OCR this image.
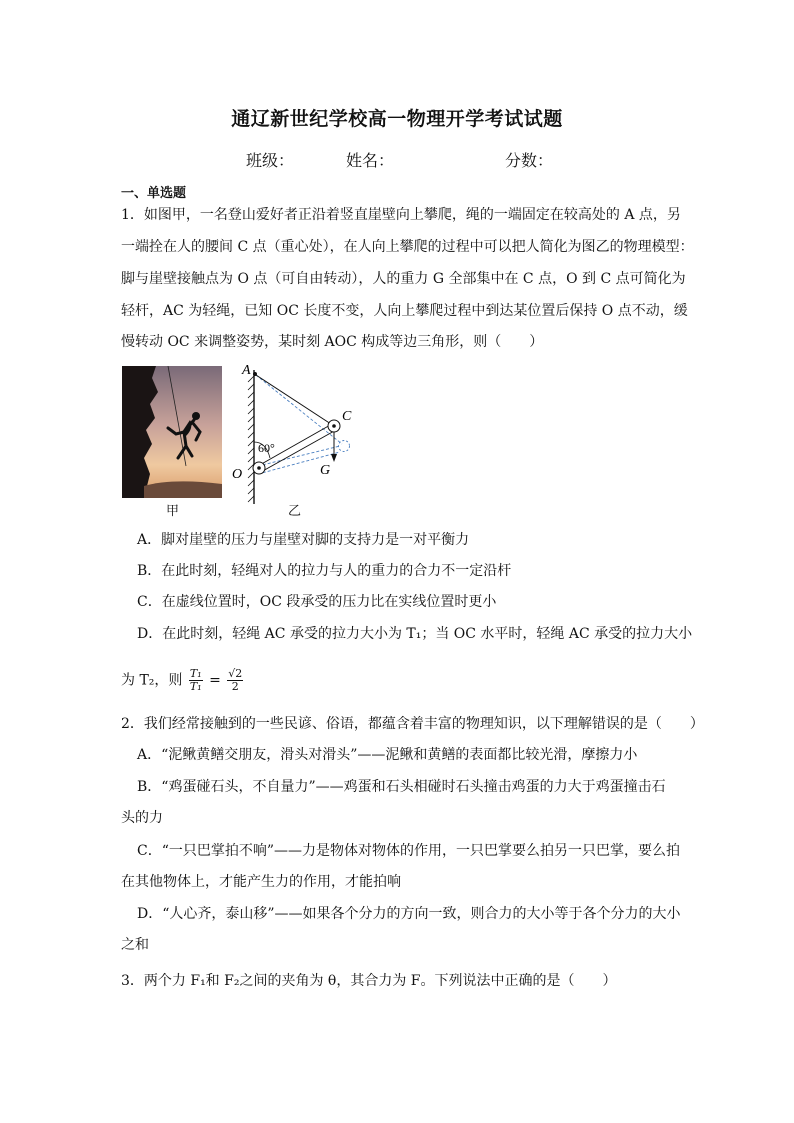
通辽新世纪学校高一物理开学考试试题
班级：	姓名：	分数：
一、单选题
1．如图甲，一名登山爱好者正沿着竖直崖壁向上攀爬，绳的一端固定在较高处的 A 点，另
一端拴在人的腰间 C 点（重心处），在人向上攀爬的过程中可以把人简化为图乙的物理模型：
脚与崖壁接触点为 O 点（可自由转动），人的重力 G 全部集中在 C 点，O 到 C 点可简化为
轻杆，AC 为轻绳，已知 OC 长度不变，人向上攀爬过程中到达某位置后保持 O 点不动，缓
慢转动 OC 来调整姿势，某时刻 AOC 构成等边三角形，则（　　）
甲
A
C
O	G
60°
乙
A．脚对崖壁的压力与崖壁对脚的支持力是一对平衡力
B．在此时刻，轻绳对人的拉力与人的重力的合力不一定沿杆
C．在虚线位置时，OC 段承受的压力比在实线位置时更小
D．在此时刻，轻绳 AC 承受的拉力大小为 T₁；当 OC 水平时，轻绳 AC 承受的拉力大小
为 T₂，则 $\frac{\text{T₁}}{\text{T₁}} = \frac{√2}{2}$
2．我们经常接触到的一些民谚、俗语，都蕴含着丰富的物理知识，以下理解错误的是（　　）
A．“泥鳅黄鳝交朋友，滑头对滑头”——泥鳅和黄鳝的表面都比较光滑，摩擦力小
B．“鸡蛋碰石头，不自量力”——鸡蛋和石头相碰时石头撞击鸡蛋的力大于鸡蛋撞击石
头的力
C．“一只巴掌拍不响”——力是物体对物体的作用，一只巴掌要么拍另一只巴掌，要么拍
在其他物体上，才能产生力的作用，才能拍响
D．“人心齐，泰山移”——如果各个分力的方向一致，则合力的大小等于各个分力的大小
之和
3．两个力 F₁和 F₂之间的夹角为 θ，其合力为 F。下列说法中正确的是（　　）
